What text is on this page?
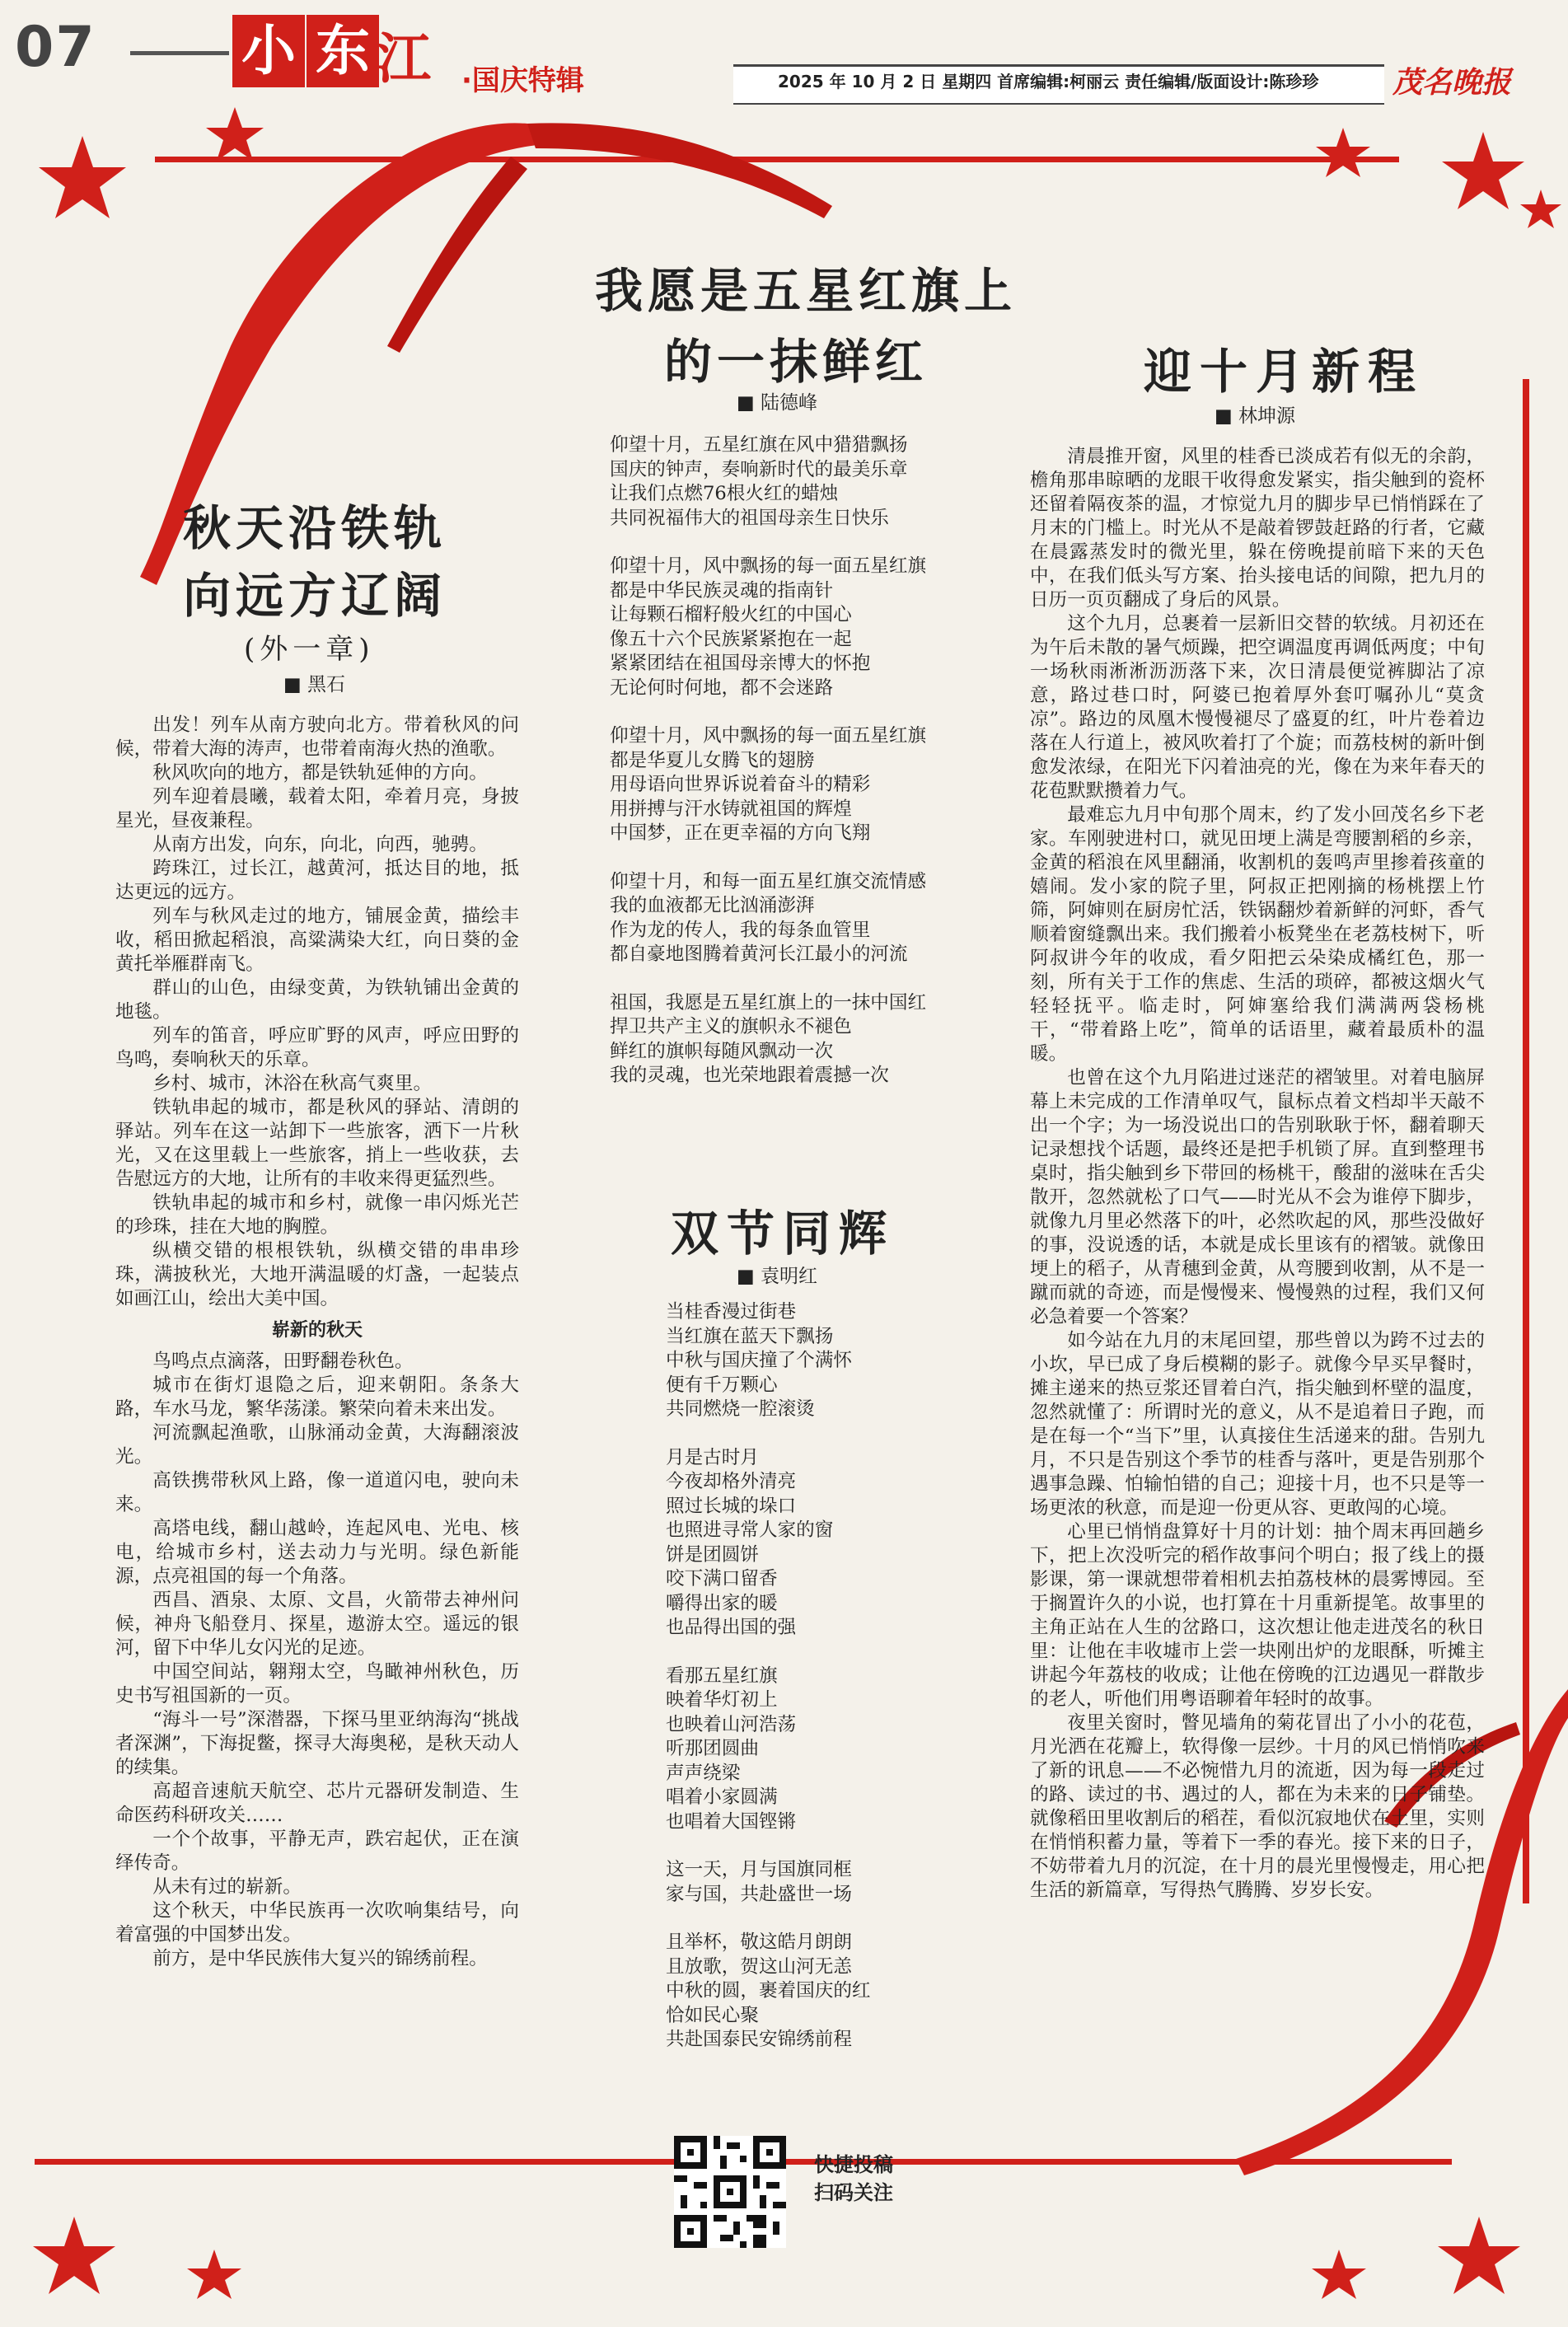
07	小 东 江	·国庆特辑	2025 年 10 月 2 日 星期四 首席编辑:柯丽云 责任编辑/版面设计:陈珍珍 茂名晚报
秋天沿铁轨
向远方辽阔
(外一章)
■ 黑石

出发！列车从南方驶向北方。带着秋风的问候，带着大海的涛声，也带着南海火热的渔歌。

秋风吹向的地方，都是铁轨延伸的方向。

列车迎着晨曦，载着太阳，牵着月亮，身披星光，昼夜兼程。

从南方出发，向东，向北，向西，驰骋。

跨珠江，过长江，越黄河，抵达目的地，抵达更远的远方。

列车与秋风走过的地方，铺展金黄，描绘丰收，稻田掀起稻浪，高粱满染大红，向日葵的金黄托举雁群南飞。

群山的山色，由绿变黄，为铁轨铺出金黄的地毯。

列车的笛音，呼应旷野的风声，呼应田野的鸟鸣，奏响秋天的乐章。

乡村、城市，沐浴在秋高气爽里。

铁轨串起的城市，都是秋风的驿站、清朗的驿站。列车在这一站卸下一些旅客，洒下一片秋光，又在这里载上一些旅客，捎上一些收获，去告慰远方的大地，让所有的丰收来得更猛烈些。

铁轨串起的城市和乡村，就像一串闪烁光芒的珍珠，挂在大地的胸膛。

纵横交错的根根铁轨，纵横交错的串串珍珠，满披秋光，大地开满温暖的灯盏，一起装点如画江山，绘出大美中国。

崭新的秋天

鸟鸣点点滴落，田野翻卷秋色。

城市在街灯退隐之后，迎来朝阳。条条大路，车水马龙，繁华荡漾。繁荣向着未来出发。

河流飘起渔歌，山脉涌动金黄，大海翻滚波光。

高铁携带秋风上路，像一道道闪电，驶向未来。

高塔电线，翻山越岭，连起风电、光电、核电，给城市乡村，送去动力与光明。绿色新能源，点亮祖国的每一个角落。

西昌、酒泉、太原、文昌，火箭带去神州问候，神舟飞船登月、探星，遨游太空。遥远的银河，留下中华儿女闪光的足迹。

中国空间站，翱翔太空，鸟瞰神州秋色，历史书写祖国新的一页。

“海斗一号”深潜器，下探马里亚纳海沟“挑战者深渊”，下海捉鳖，探寻大海奥秘，是秋天动人的续集。

高超音速航天航空、芯片元器研发制造、生命医药科研攻关……

一个个故事，平静无声，跌宕起伏，正在演绎传奇。

从未有过的崭新。

这个秋天，中华民族再一次吹响集结号，向着富强的中国梦出发。

前方，是中华民族伟大复兴的锦绣前程。

我愿是五星红旗上
的一抹鲜红
■ 陆德峰
仰望十月，五星红旗在风中猎猎飘扬
国庆的钟声，奏响新时代的最美乐章
让我们点燃76根火红的蜡烛
共同祝福伟大的祖国母亲生日快乐
仰望十月，风中飘扬的每一面五星红旗
都是中华民族灵魂的指南针
让每颗石榴籽般火红的中国心
像五十六个民族紧紧抱在一起
紧紧团结在祖国母亲博大的怀抱
无论何时何地，都不会迷路
仰望十月，风中飘扬的每一面五星红旗
都是华夏儿女腾飞的翅膀
用母语向世界诉说着奋斗的精彩
用拼搏与汗水铸就祖国的辉煌
中国梦，正在更幸福的方向飞翔
仰望十月，和每一面五星红旗交流情感
我的血液都无比汹涌澎湃
作为龙的传人，我的每条血管里
都自豪地图腾着黄河长江最小的河流
祖国，我愿是五星红旗上的一抹中国红
捍卫共产主义的旗帜永不褪色
鲜红的旗帜每随风飘动一次
我的灵魂，也光荣地跟着震撼一次
双节同辉
■ 袁明红
当桂香漫过街巷
当红旗在蓝天下飘扬
中秋与国庆撞了个满怀
便有千万颗心
共同燃烧一腔滚烫
月是古时月
今夜却格外清亮
照过长城的垛口
也照进寻常人家的窗
饼是团圆饼
咬下满口留香
嚼得出家的暖
也品得出国的强
看那五星红旗
映着华灯初上
也映着山河浩荡
听那团圆曲
声声绕梁
唱着小家圆满
也唱着大国铿锵
这一天，月与国旗同框
家与国，共赴盛世一场
且举杯，敬这皓月朗朗
且放歌，贺这山河无恙
中秋的圆，裹着国庆的红
恰如民心聚
共赴国泰民安锦绣前程
快捷投稿
扫码关注
迎十月新程
■ 林坤源

清晨推开窗，风里的桂香已淡成若有似无的余韵，檐角那串晾晒的龙眼干收得愈发紧实，指尖触到的瓷杯还留着隔夜茶的温，才惊觉九月的脚步早已悄悄踩在了月末的门槛上。时光从不是敲着锣鼓赶路的行者，它藏在晨露蒸发时的微光里，躲在傍晚提前暗下来的天色中，在我们低头写方案、抬头接电话的间隙，把九月的日历一页页翻成了身后的风景。

这个九月，总裹着一层新旧交替的软绒。月初还在为午后未散的暑气烦躁，把空调温度再调低两度；中旬一场秋雨淅淅沥沥落下来，次日清晨便觉裤脚沾了凉意，路过巷口时，阿婆已抱着厚外套叮嘱孙儿“莫贪凉”。路边的凤凰木慢慢褪尽了盛夏的红，叶片卷着边落在人行道上，被风吹着打了个旋；而荔枝树的新叶倒愈发浓绿，在阳光下闪着油亮的光，像在为来年春天的花苞默默攒着力气。

最难忘九月中旬那个周末，约了发小回茂名乡下老家。车刚驶进村口，就见田埂上满是弯腰割稻的乡亲，金黄的稻浪在风里翻涌，收割机的轰鸣声里掺着孩童的嬉闹。发小家的院子里，阿叔正把刚摘的杨桃摆上竹筛，阿婶则在厨房忙活，铁锅翻炒着新鲜的河虾，香气顺着窗缝飘出来。我们搬着小板凳坐在老荔枝树下，听阿叔讲今年的收成，看夕阳把云朵染成橘红色，那一刻，所有关于工作的焦虑、生活的琐碎，都被这烟火气轻轻抚平。临走时，阿婶塞给我们满满两袋杨桃干，“带着路上吃”，简单的话语里，藏着最质朴的温暖。

也曾在这个九月陷进过迷茫的褶皱里。对着电脑屏幕上未完成的工作清单叹气，鼠标点着文档却半天敲不出一个字；为一场没说出口的告别耿耿于怀，翻着聊天记录想找个话题，最终还是把手机锁了屏。直到整理书桌时，指尖触到乡下带回的杨桃干，酸甜的滋味在舌尖散开，忽然就松了口气——时光从不会为谁停下脚步，就像九月里必然落下的叶，必然吹起的风，那些没做好的事，没说透的话，本就是成长里该有的褶皱。就像田埂上的稻子，从青穗到金黄，从弯腰到收割，从不是一蹴而就的奇迹，而是慢慢来、慢慢熟的过程，我们又何必急着要一个答案？

如今站在九月的末尾回望，那些曾以为跨不过去的小坎，早已成了身后模糊的影子。就像今早买早餐时，摊主递来的热豆浆还冒着白汽，指尖触到杯壁的温度，忽然就懂了：所谓时光的意义，从不是追着日子跑，而是在每一个“当下”里，认真接住生活递来的甜。告别九月，不只是告别这个季节的桂香与落叶，更是告别那个遇事急躁、怕输怕错的自己；迎接十月，也不只是等一场更浓的秋意，而是迎一份更从容、更敢闯的心境。

心里已悄悄盘算好十月的计划：抽个周末再回趟乡下，把上次没听完的稻作故事问个明白；报了线上的摄影课，第一课就想带着相机去拍荔枝林的晨雾博园。至于搁置许久的小说，也打算在十月重新提笔。故事里的主角正站在人生的岔路口，这次想让他走进茂名的秋日里：让他在丰收墟市上尝一块刚出炉的龙眼酥，听摊主讲起今年荔枝的收成；让他在傍晚的江边遇见一群散步的老人，听他们用粤语聊着年轻时的故事。

夜里关窗时，瞥见墙角的菊花冒出了小小的花苞，月光洒在花瓣上，软得像一层纱。十月的风已悄悄吹来了新的讯息——不必惋惜九月的流逝，因为每一段走过的路、读过的书、遇过的人，都在为未来的日子铺垫。就像稻田里收割后的稻茬，看似沉寂地伏在土里，实则在悄悄积蓄力量，等着下一季的春光。接下来的日子，不妨带着九月的沉淀，在十月的晨光里慢慢走，用心把生活的新篇章，写得热气腾腾、岁岁长安。
